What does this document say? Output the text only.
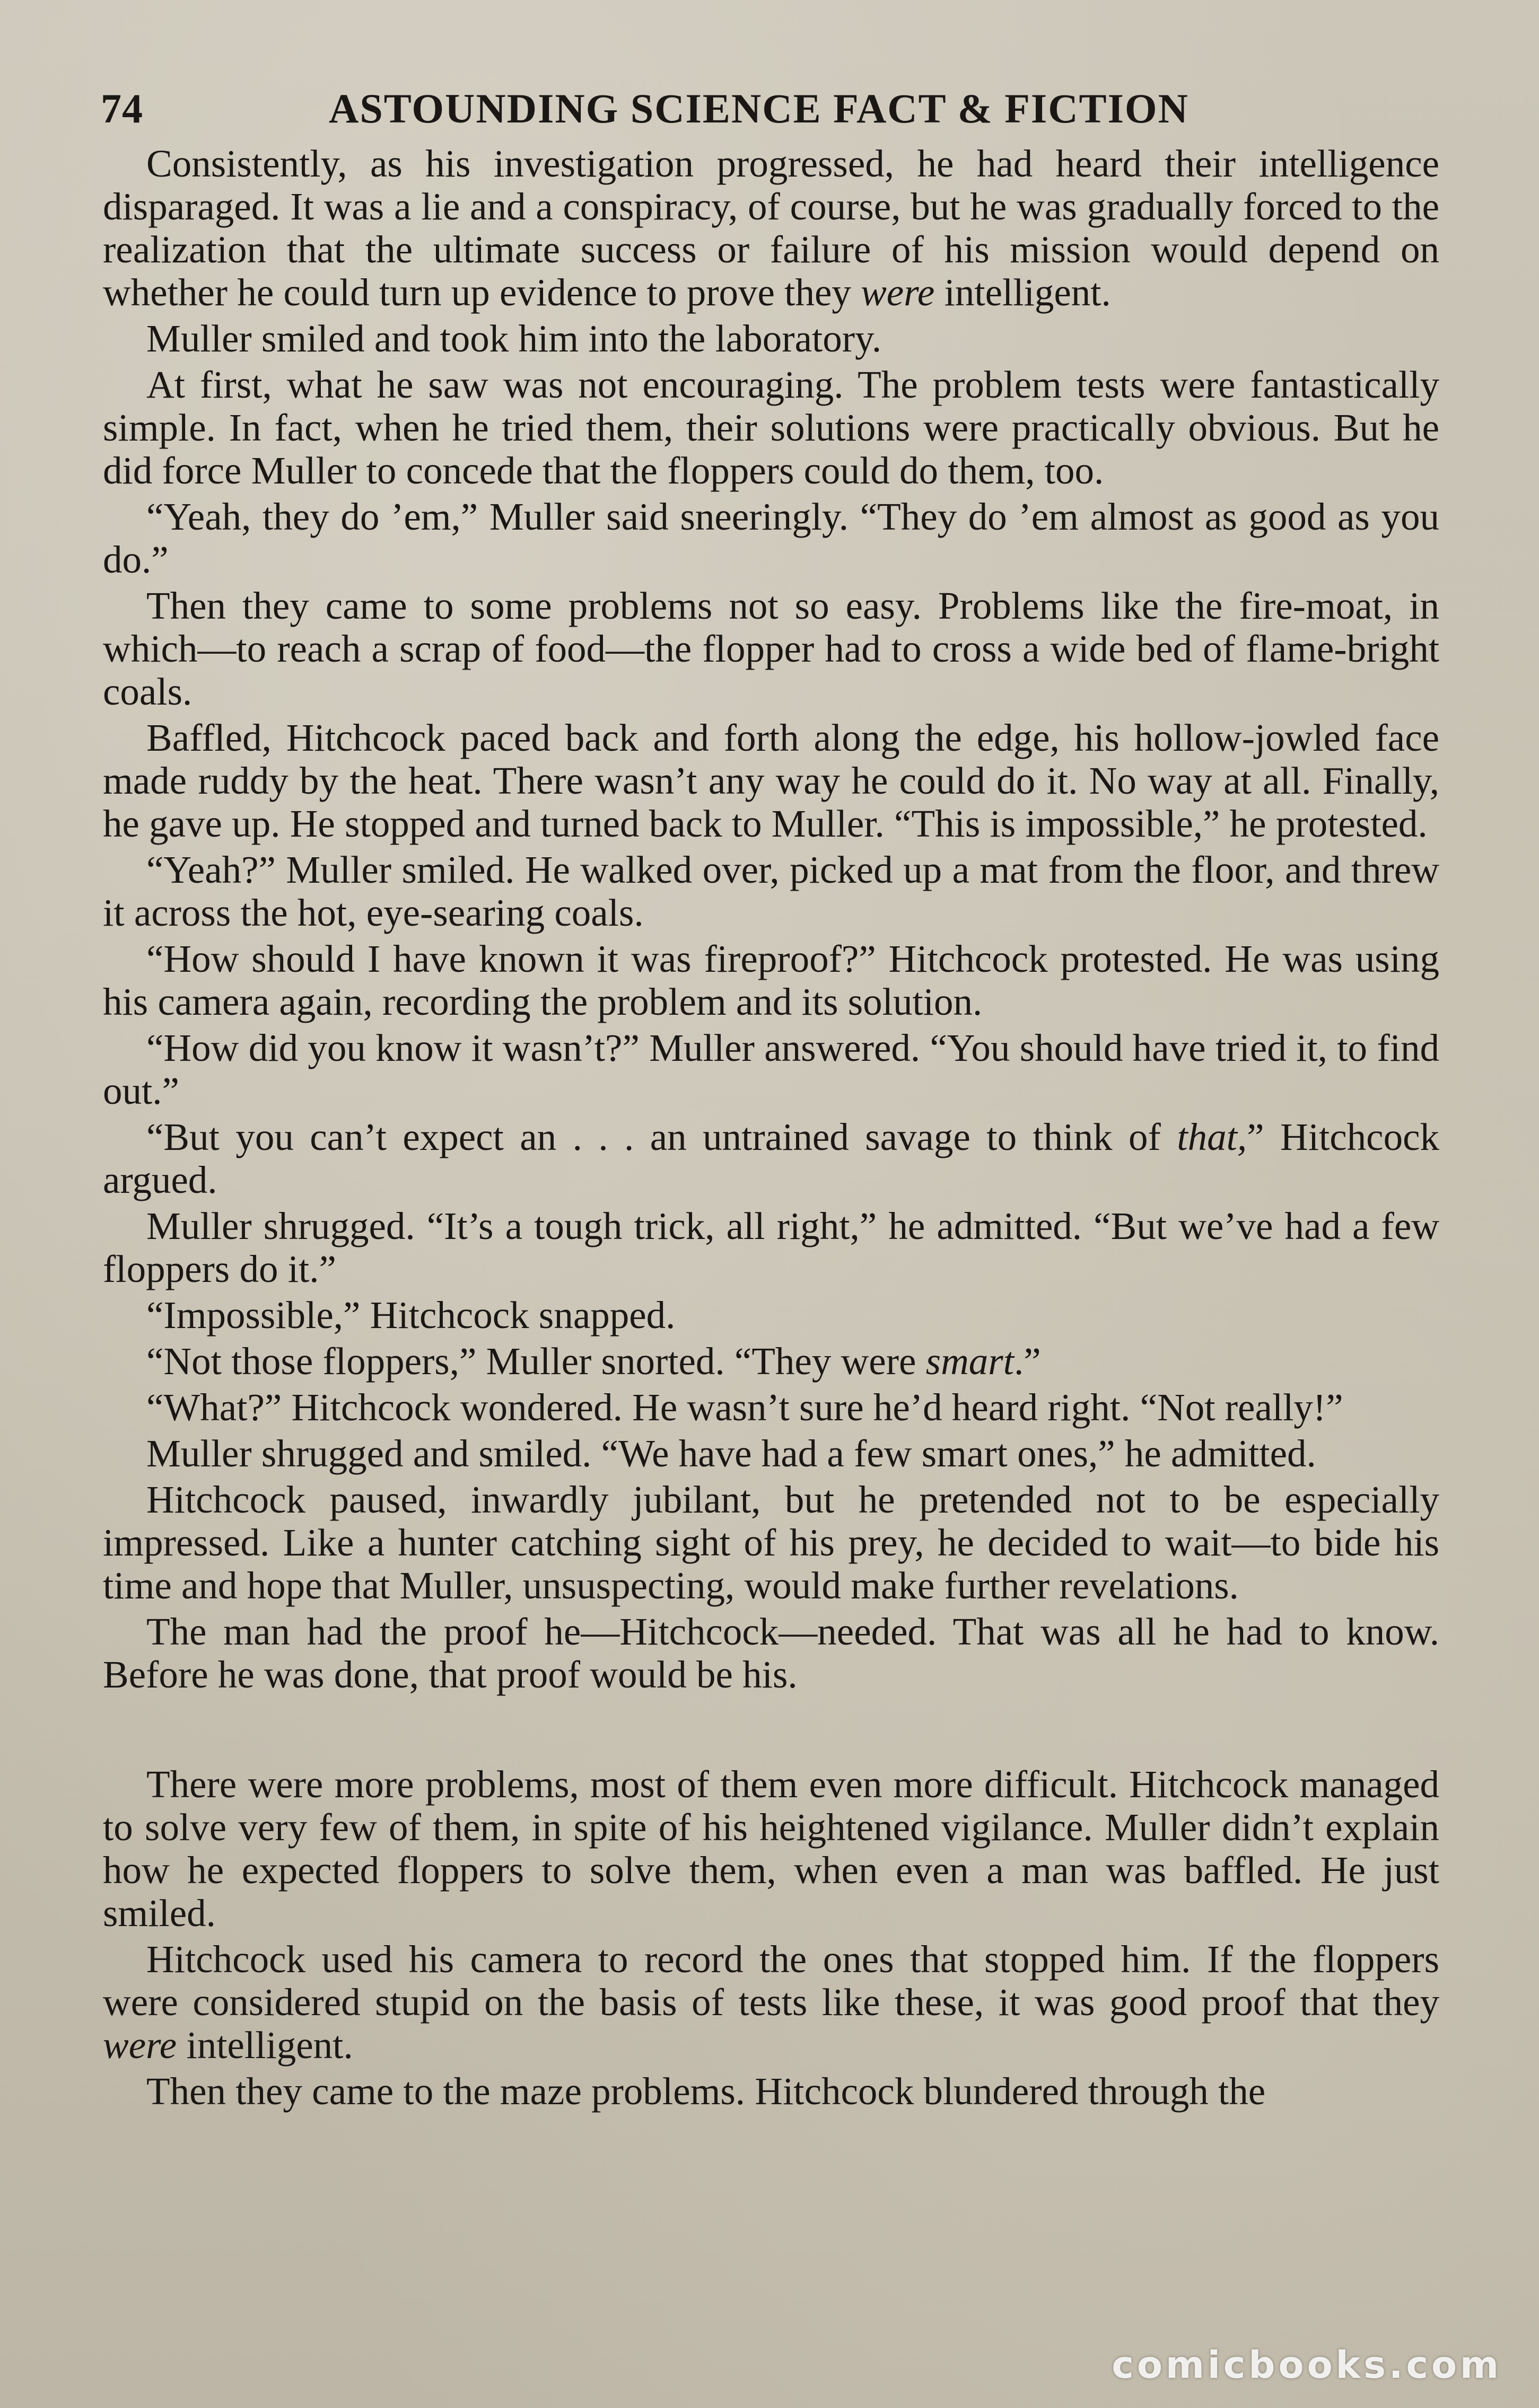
74	ASTOUNDING SCIENCE FACT & FICTION

Consistently, as his investigation progressed, he had heard their intelligence disparaged. It was a lie and a conspiracy, of course, but he was gradually forced to the realization that the ultimate success or failure of his mission would depend on whether he could turn up evidence to prove they were intelligent.

Muller smiled and took him into the laboratory.

At first, what he saw was not encouraging. The problem tests were fantastically simple. In fact, when he tried them, their solutions were practically obvious. But he did force Muller to concede that the floppers could do them, too.

“Yeah, they do ’em,” Muller said sneeringly. “They do ’em almost as good as you do.”

Then they came to some problems not so easy. Problems like the fire-moat, in which—to reach a scrap of food—the flopper had to cross a wide bed of flame-bright coals.

Baffled, Hitchcock paced back and forth along the edge, his hollow-jowled face made ruddy by the heat. There wasn’t any way he could do it. No way at all. Finally, he gave up. He stopped and turned back to Muller. “This is impossible,” he protested.

“Yeah?” Muller smiled. He walked over, picked up a mat from the floor, and threw it across the hot, eye-searing coals.

“How should I have known it was fireproof?” Hitchcock protested. He was using his camera again, recording the problem and its solution.

“How did you know it wasn’t?” Muller answered. “You should have tried it, to find out.”

“But you can’t expect an . . . an untrained savage to think of that,” Hitchcock argued.

Muller shrugged. “It’s a tough trick, all right,” he admitted. “But we’ve had a few floppers do it.”

“Impossible,” Hitchcock snapped.

“Not those floppers,” Muller snorted. “They were smart.”

“What?” Hitchcock wondered. He wasn’t sure he’d heard right. “Not really!”

Muller shrugged and smiled. “We have had a few smart ones,” he admitted.

Hitchcock paused, inwardly jubilant, but he pretended not to be especially impressed. Like a hunter catching sight of his prey, he decided to wait—to bide his time and hope that Muller, unsuspecting, would make further revelations.

The man had the proof he—Hitchcock—needed. That was all he had to know. Before he was done, that proof would be his.

There were more problems, most of them even more difficult. Hitchcock managed to solve very few of them, in spite of his heightened vigilance. Muller didn’t explain how he expected floppers to solve them, when even a man was baffled. He just smiled.

Hitchcock used his camera to record the ones that stopped him. If the floppers were considered stupid on the basis of tests like these, it was good proof that they were intelligent.

Then they came to the maze problems. Hitchcock blundered through the

comicbooks.com
